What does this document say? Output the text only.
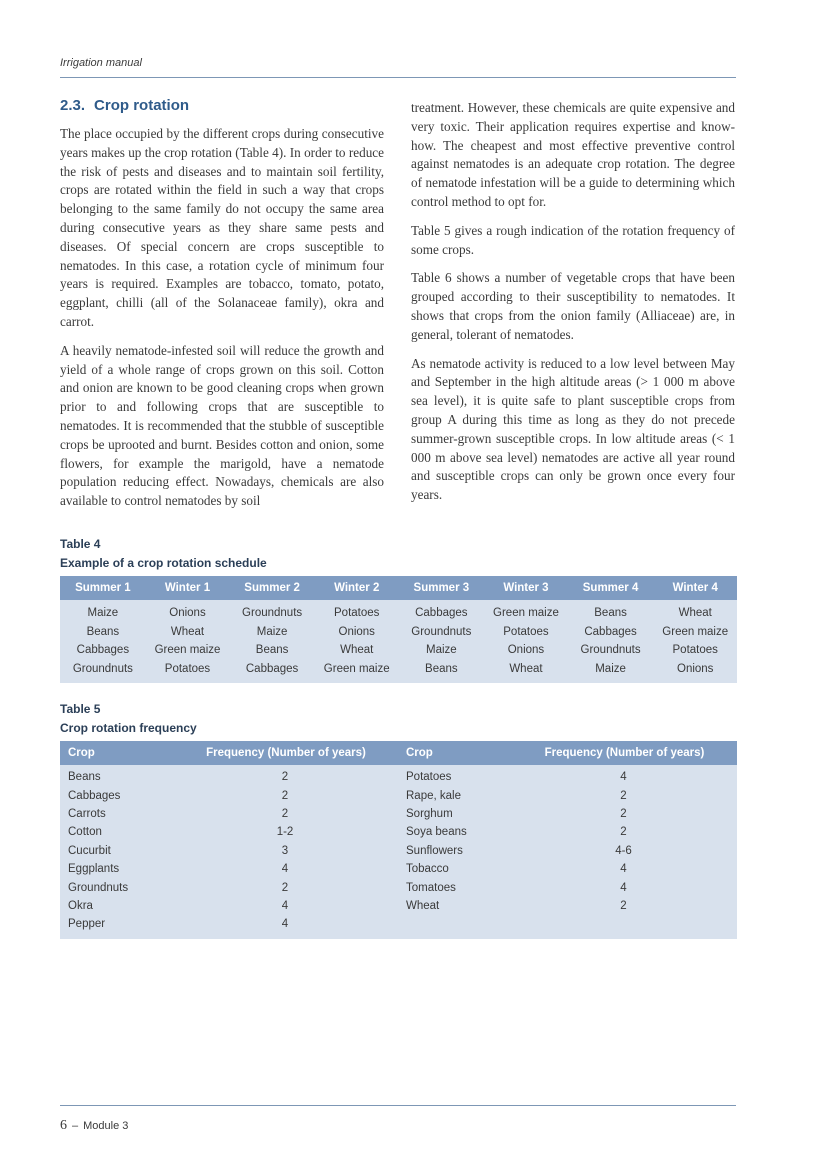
Irrigation manual
2.3. Crop rotation

The place occupied by the different crops during consecutive years makes up the crop rotation (Table 4). In order to reduce the risk of pests and diseases and to maintain soil fertility, crops are rotated within the field in such a way that crops belonging to the same family do not occupy the same area during consecutive years as they share same pests and diseases. Of special concern are crops susceptible to nematodes. In this case, a rotation cycle of minimum four years is required. Examples are tobacco, tomato, potato, eggplant, chilli (all of the Solanaceae family), okra and carrot.

A heavily nematode-infested soil will reduce the growth and yield of a whole range of crops grown on this soil. Cotton and onion are known to be good cleaning crops when grown prior to and following crops that are susceptible to nematodes. It is recommended that the stubble of susceptible crops be uprooted and burnt. Besides cotton and onion, some flowers, for example the marigold, have a nematode population reducing effect. Nowadays, chemicals are also available to control nematodes by soil

treatment. However, these chemicals are quite expensive and very toxic. Their application requires expertise and know-how. The cheapest and most effective preventive control against nematodes is an adequate crop rotation. The degree of nematode infestation will be a guide to determining which control method to opt for.

Table 5 gives a rough indication of the rotation frequency of some crops.

Table 6 shows a number of vegetable crops that have been grouped according to their susceptibility to nematodes. It shows that crops from the onion family (Alliaceae) are, in general, tolerant of nematodes.

As nematode activity is reduced to a low level between May and September in the high altitude areas (> 1 000 m above sea level), it is quite safe to plant susceptible crops from group A during this time as long as they do not precede summer-grown susceptible crops. In low altitude areas (< 1 000 m above sea level) nematodes are active all year round and susceptible crops can only be grown once every four years.

Table 4
Example of a crop rotation schedule
Summer 1	Winter 1	Summer 2	Winter 2	Summer 3	Winter 3	Summer 4	Winter 4
Maize	Onions	Groundnuts	Potatoes	Cabbages	Green maize	Beans	Wheat
Beans	Wheat	Maize	Onions	Groundnuts	Potatoes	Cabbages	Green maize
Cabbages	Green maize	Beans	Wheat	Maize	Onions	Groundnuts	Potatoes
Groundnuts	Potatoes	Cabbages	Green maize	Beans	Wheat	Maize	Onions
Table 5
Crop rotation frequency
Crop	Frequency (Number of years)	Crop	Frequency (Number of years)
Beans	2	Potatoes	4
Cabbages	2	Rape, kale	2
Carrots	2	Sorghum	2
Cotton	1-2	Soya beans	2
Cucurbit	3	Sunflowers	4-6
Eggplants	4	Tobacco	4
Groundnuts	2	Tomatoes	4
Okra	4	Wheat	2
Pepper	4		
6 – Module 3
